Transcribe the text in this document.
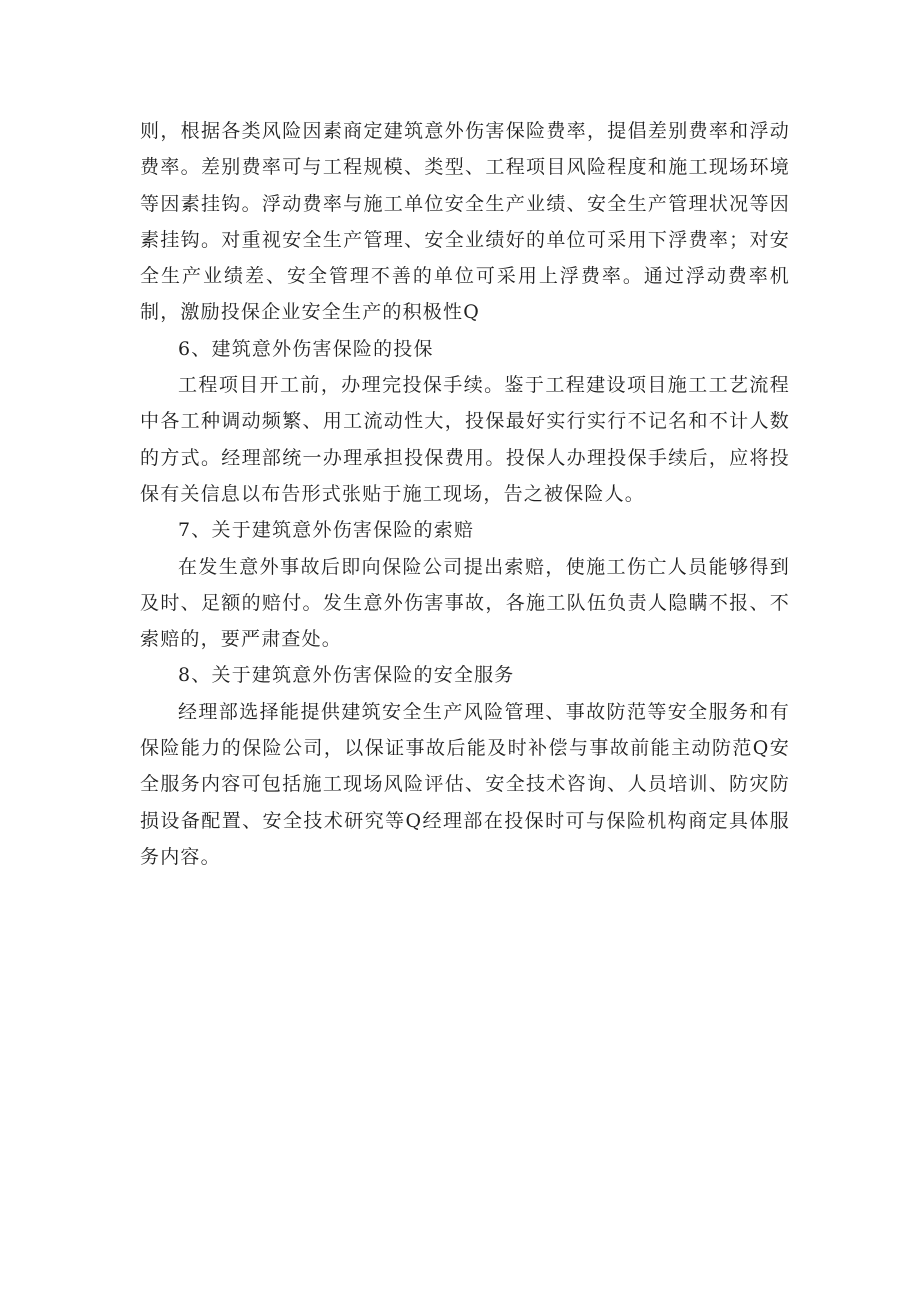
则，根据各类风险因素商定建筑意外伤害保险费率，提倡差别费率和浮动费率。差别费率可与工程规模、类型、工程项目风险程度和施工现场环境等因素挂钩。浮动费率与施工单位安全生产业绩、安全生产管理状况等因素挂钩。对重视安全生产管理、安全业绩好的单位可采用下浮费率；对安全生产业绩差、安全管理不善的单位可采用上浮费率。通过浮动费率机制，激励投保企业安全生产的积极性Q

6、建筑意外伤害保险的投保

工程项目开工前，办理完投保手续。鉴于工程建设项目施工工艺流程中各工种调动频繁、用工流动性大，投保最好实行实行不记名和不计人数的方式。经理部统一办理承担投保费用。投保人办理投保手续后，应将投保有关信息以布告形式张贴于施工现场，告之被保险人。

7、关于建筑意外伤害保险的索赔

在发生意外事故后即向保险公司提出索赔，使施工伤亡人员能够得到及时、足额的赔付。发生意外伤害事故，各施工队伍负责人隐瞒不报、不索赔的，要严肃查处。

8、关于建筑意外伤害保险的安全服务

经理部选择能提供建筑安全生产风险管理、事故防范等安全服务和有保险能力的保险公司，以保证事故后能及时补偿与事故前能主动防范Q安全服务内容可包括施工现场风险评估、安全技术咨询、人员培训、防灾防损设备配置、安全技术研究等Q经理部在投保时可与保险机构商定具体服务内容。
